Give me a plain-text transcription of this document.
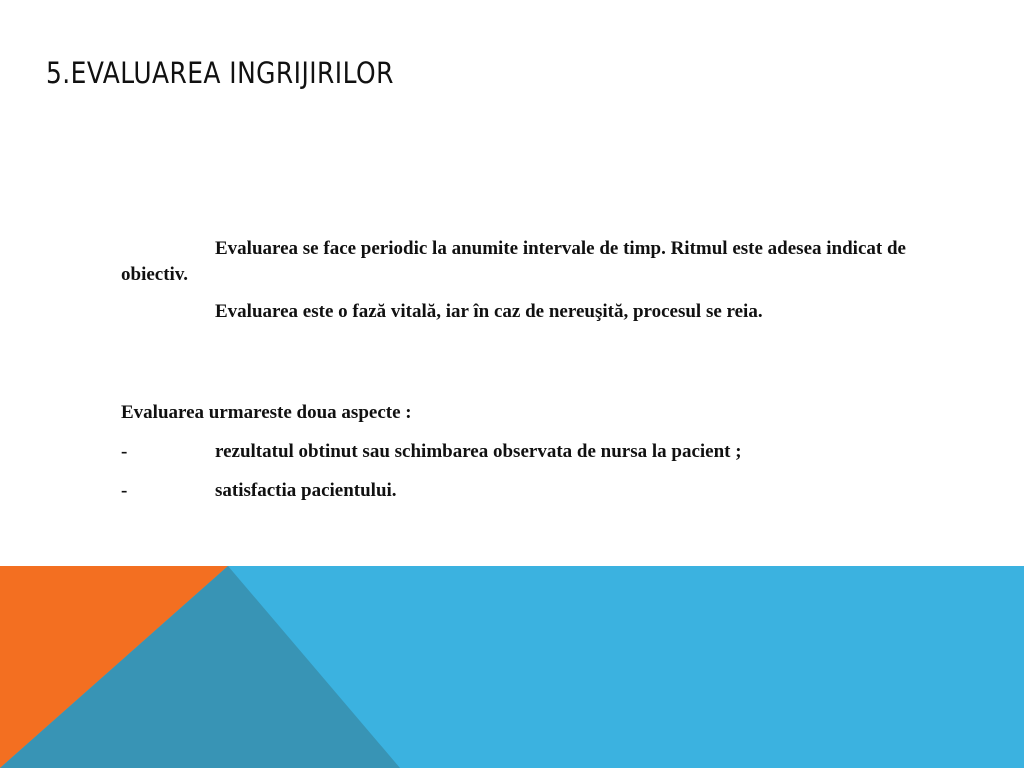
5.EVALUAREA INGRIJIRILOR

Evaluarea se face periodic la anumite intervale de timp. Ritmul este adesea indicat de obiectiv.

Evaluarea este o fază vitală, iar în caz de nereuşită, procesul se reia.

Evaluarea urmareste doua aspecte :
-	rezultatul obtinut sau schimbarea observata de nursa la pacient ;
-	satisfactia pacientului.
